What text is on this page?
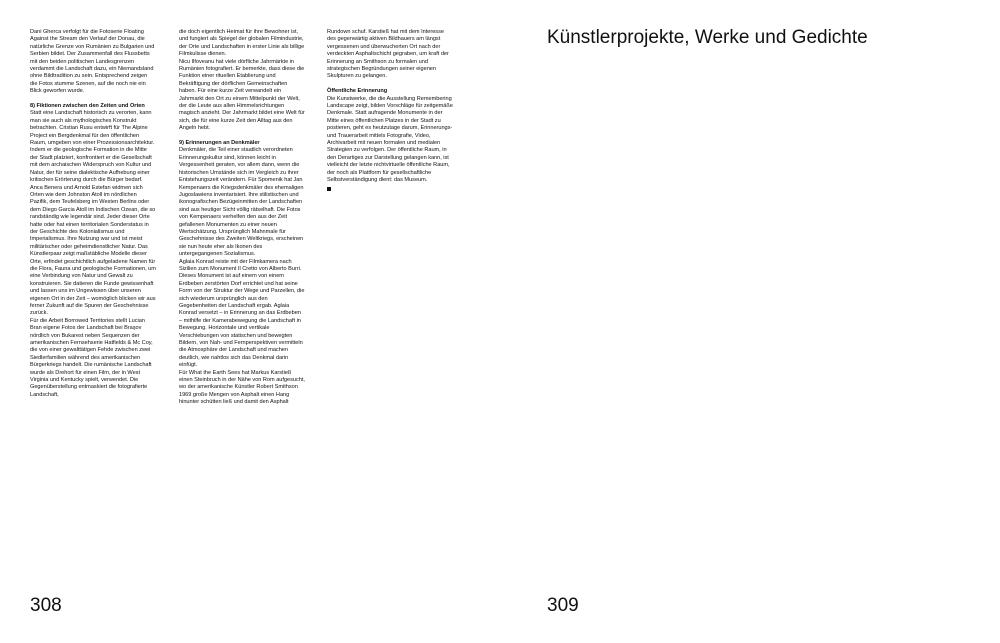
Dani Gherca verfolgt für die Fotoserie Floating Against the Stream den Verlauf der Donau, die natürliche Grenze von Rumänien zu Bulgarien und Serbien bildet. Der Zusammenfall des Flussbetts mit den beiden politischen Landesgrenzen verdammt die Landschaft dazu, ein Niemandsland ohne Bildtradition zu sein. Entsprechend zeigen die Fotos stumme Szenen, auf die noch nie ein Blick geworfen wurde.

8) Fiktionen zwischen den Zeiten und Orten

Statt eine Landschaft historisch zu verorten, kann man sie auch als mythologisches Konstrukt betrachten. Cristian Rusu entwirft für The Alpine Project ein Bergdenkmal für den öffentlichen Raum, umgeben von einer Prozessionsarchitektur. Indem er die geologische Formation in die Mitte der Stadt platziert, konfrontiert er die Gesellschaft mit dem archaischen Widerspruch von Kultur und Natur, der für seine dialektische Aufhebung einer kritischen Erörterung durch die Bürger bedarf.

Anca Benera und Arnold Estefan widmen sich Orten wie dem Johnston Atoll im nördlichen Pazifik, dem Teufelsberg im Westen Berlins oder dem Diego Garcia Atoll im Indischen Ozean, die so randständig wie legendär sind. Jeder dieser Orte hatte oder hat einen territorialen Sonderstatus in der Geschichte des Kolonialismus und Imperialismus. Ihre Nutzung war und ist meist militärischer oder geheimdienstlicher Natur. Das Künstlerpaar zeigt maßstäbliche Modelle dieser Orte, erfindet geschichtlich aufgeladene Namen für die Flora, Fauna und geologische Formationen, um eine Verbindung von Natur und Gewalt zu konstruieren. Sie datieren die Funde gewissenhaft und lassen uns im Ungewissen über unseren eigenen Ort in der Zeit – womöglich blicken wir aus ferner Zukunft auf die Spuren der Geschehnisse zurück.

Für die Arbeit Borrowed Territories stellt Lucian Bran eigene Fotos der Landschaft bei Brașov nördlich von Bukarest neben Sequenzen der amerikanischen Fernsehserie Hatfields & Mc Coy, die von einer gewalttätigen Fehde zwischen zwei Siedlerfamilien während des amerikanischen Bürgerkriegs handelt. Die rumänische Landschaft wurde als Drehort für einen Film, der in West Virginia und Kentucky spielt, verwendet. Die Gegenüberstellung entmaskiert die fotografierte Landschaft,

die doch eigentlich Heimat für ihre Bewohner ist, und fungiert als Spiegel der globalen Filmindustrie, der Orte und Landschaften in erster Linie als billige Filmkulisse dienen.

Nicu Ilfoveanu hat viele dörfliche Jahrmärkte in Rumänien fotografiert. Er bemerkte, dass diese die Funktion einer rituellen Etablierung und Bekräftigung der dörflichen Gemeinschaften haben. Für eine kurze Zeit verwandelt ein Jahrmarkt den Ort zu einem Mittelpunkt der Welt, der die Leute aus allen Himmelsrichtungen magisch anzieht. Der Jahrmarkt bildet eine Welt für sich, die für eine kurze Zeit den Alltag aus den Angeln hebt.

9) Erinnerungen an Denkmäler

Denkmäler, die Teil einer staatlich verordneten Erinnerungskultur sind, können leicht in Vergessenheit geraten, vor allem dann, wenn die historischen Umstände sich im Vergleich zu ihrer Entstehungszeit verändern. Für Spomenik hat Jan Kempenaers die Kriegsdenkmäler des ehemaligen Jugoslawiens inventarisiert. Ihre stilistischen und ikonografischen Bezügeinmitten der Landschaften sind aus heutiger Sicht völlig rätselhaft. Die Fotos von Kempenaers verhelfen den aus der Zeit gefallenen Monumenten zu einer neuen Wertschätzung. Ursprünglich Mahnmale für Geschehnisse des Zweiten Weltkriegs, erscheinen sie nun heute eher als Ikonen des untergegangenen Sozialismus.

Aglaia Konrad reiste mit der Filmkamera nach Sizilien zum Monument Il Cretto von Alberto Burri. Dieses Monument ist auf einem von einem Erdbeben zerstörten Dorf errichtet und hat seine Form von der Struktur der Wege und Parzellen, die sich wiederum ursprünglich aus den Gegebenheiten der Landschaft ergab. Aglaia Konrad versetzt – in Erinnerung an das Erdbeben – mithilfe der Kamerabewegung die Landschaft in Bewegung. Horizontale und vertikale Verschiebungen von statischen und bewegten Bildern, von Nah- und Fernperspektiven vermitteln die Atmosphäre der Landschaft und machen deutlich, wie nahtlos sich das Denkmal darin einfügt.

Für What the Earth Sees hat Markus Karstieß einen Steinbruch in der Nähe von Rom aufgesucht, wo der amerikanische Künstler Robert Smithson 1969 große Mengen von Asphalt einen Hang hinunter schütten ließ und damit den Asphalt

Rundown schuf. Karstieß hat mit dem Interesse des gegenwärtig aktiven Bildhauers am längst vergessenen und überwucherten Ort nach der verdeckten Asphaltschicht gegraben, um kraft der Erinnerung an Smithson zu formalen und strategischen Begründungen seiner eigenen Skulpturen zu gelangen.

Öffentliche Erinnerung

Die Kunstwerke, die die Ausstellung Remembering Landscape zeigt, bilden Vorschläge für zeitgemäße Denkmale. Statt aufragende Monumente in der Mitte eines öffentlichen Platzes in der Stadt zu postieren, geht es heutzutage darum, Erinnerungs- und Trauerarbeit mittels Fotografie, Video, Archivarbeit mit neuen formalen und medialen Strategien zu verfolgen. Der öffentliche Raum, in den Derartiges zur Darstellung gelangen kann, ist vielleicht der letzte nichtvirtuelle öffentliche Raum, der noch als Plattform für gesellschaftliche Selbstverständigung dient: das Museum.

308
Künstlerprojekte, Werke und Gedichte
309
